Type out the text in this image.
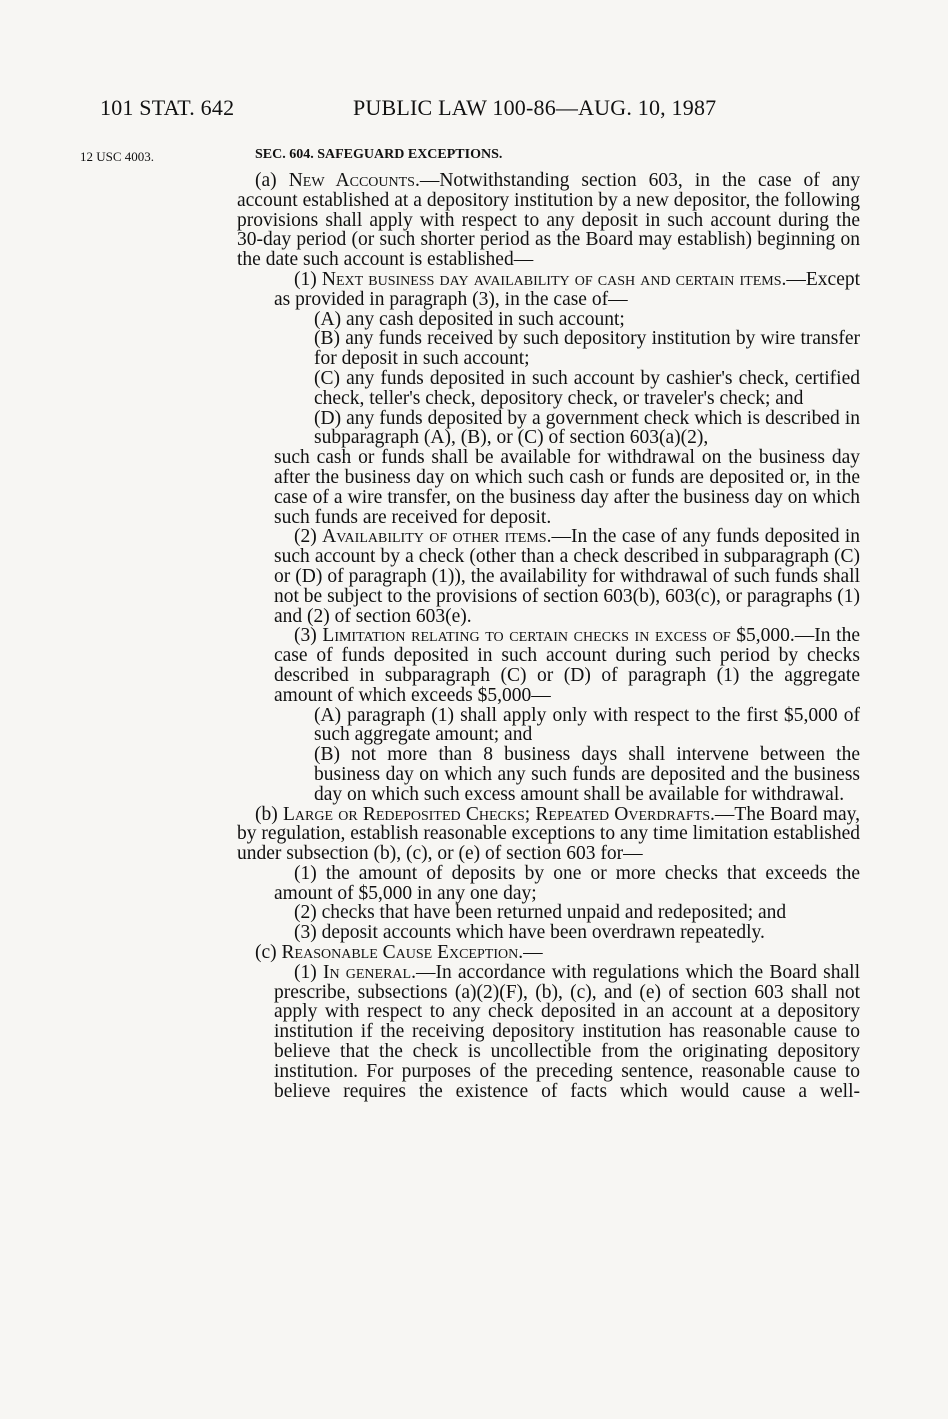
101 STAT. 642	PUBLIC LAW 100-86—AUG. 10, 1987
12 USC 4003.	SEC. 604. SAFEGUARD EXCEPTIONS.

(a) New Accounts.—Notwithstanding section 603, in the case of any account established at a depository institution by a new depositor, the following provisions shall apply with respect to any deposit in such account during the 30-day period (or such shorter period as the Board may establish) beginning on the date such account is established—

(1) Next business day availability of cash and certain items.—Except as provided in paragraph (3), in the case of—

(A) any cash deposited in such account;

(B) any funds received by such depository institution by wire transfer for deposit in such account;

(C) any funds deposited in such account by cashier's check, certified check, teller's check, depository check, or traveler's check; and

(D) any funds deposited by a government check which is described in subparagraph (A), (B), or (C) of section 603(a)(2),

such cash or funds shall be available for withdrawal on the business day after the business day on which such cash or funds are deposited or, in the case of a wire transfer, on the business day after the business day on which such funds are received for deposit.

(2) Availability of other items.—In the case of any funds deposited in such account by a check (other than a check described in subparagraph (C) or (D) of paragraph (1)), the availability for withdrawal of such funds shall not be subject to the provisions of section 603(b), 603(c), or paragraphs (1) and (2) of section 603(e).

(3) Limitation relating to certain checks in excess of $5,000.—In the case of funds deposited in such account during such period by checks described in subparagraph (C) or (D) of paragraph (1) the aggregate amount of which exceeds $5,000—

(A) paragraph (1) shall apply only with respect to the first $5,000 of such aggregate amount; and

(B) not more than 8 business days shall intervene between the business day on which any such funds are deposited and the business day on which such excess amount shall be available for withdrawal.

(b) Large or Redeposited Checks; Repeated Overdrafts.—The Board may, by regulation, establish reasonable exceptions to any time limitation established under subsection (b), (c), or (e) of section 603 for—

(1) the amount of deposits by one or more checks that exceeds the amount of $5,000 in any one day;

(2) checks that have been returned unpaid and redeposited; and

(3) deposit accounts which have been overdrawn repeatedly.

(c) Reasonable Cause Exception.—

(1) In general.—In accordance with regulations which the Board shall prescribe, subsections (a)(2)(F), (b), (c), and (e) of section 603 shall not apply with respect to any check deposited in an account at a depository institution if the receiving depository institution has reasonable cause to believe that the check is uncollectible from the originating depository institution. For purposes of the preceding sentence, reasonable cause to believe requires the existence of facts which would cause a well-
